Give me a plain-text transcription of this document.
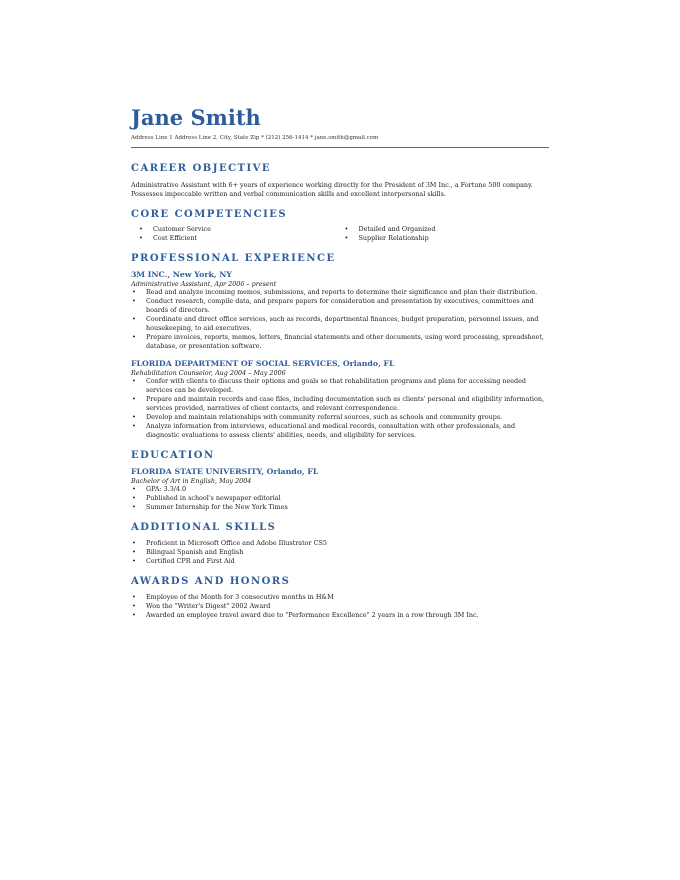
Jane Smith
Address Line 1 Address Line 2, City, State Zip * (212) 256-1414 * jane.smith@gmail.com
CAREER OBJECTIVE
Administrative Assistant with 6+ years of experience working directly for the President of 3M Inc., a Fortune 500 company. Possesses impeccable written and verbal communication skills and excellent interpersonal skills.
CORE COMPETENCIES
• Customer Service
• Cost Efficient
• Detailed and Organized
• Supplier Relationship
PROFESSIONAL EXPERIENCE
3M INC., New York, NY
Administrative Assistant, Apr 2006 – present
• Read and analyze incoming memos, submissions, and reports to determine their significance and plan their distribution.
• Conduct research, compile data, and prepare papers for consideration and presentation by executives, committees and boards of directors.
• Coordinate and direct office services, such as records, departmental finances, budget preparation, personnel issues, and housekeeping, to aid executives.
• Prepare invoices, reports, memos, letters, financial statements and other documents, using word processing, spreadsheet, database, or presentation software.
FLORIDA DEPARTMENT OF SOCIAL SERVICES, Orlando, FL
Rehabilitation Counselor, Aug 2004 – May 2006
• Confer with clients to discuss their options and goals so that rehabilitation programs and plans for accessing needed services can be developed.
• Prepare and maintain records and case files, including documentation such as clients' personal and eligibility information, services provided, narratives of client contacts, and relevant correspondence.
• Develop and maintain relationships with community referral sources, such as schools and community groups.
• Analyze information from interviews, educational and medical records, consultation with other professionals, and diagnostic evaluations to assess clients' abilities, needs, and eligibility for services.
EDUCATION
FLORIDA STATE UNIVERSITY, Orlando, FL
Bachelor of Art in English, May 2004
• GPA: 3.3/4.0
• Published in school's newspaper editorial
• Summer Internship for the New York Times
ADDITIONAL SKILLS
• Proficient in Microsoft Office and Adobe Illustrator CS5
• Bilingual Spanish and English
• Certified CPR and First Aid
AWARDS AND HONORS
• Employee of the Month for 3 consecutive months in H&M
• Won the "Writer's Digest" 2002 Award
• Awarded an employee travel award due to "Performance Excellence" 2 years in a row through 3M Inc.
